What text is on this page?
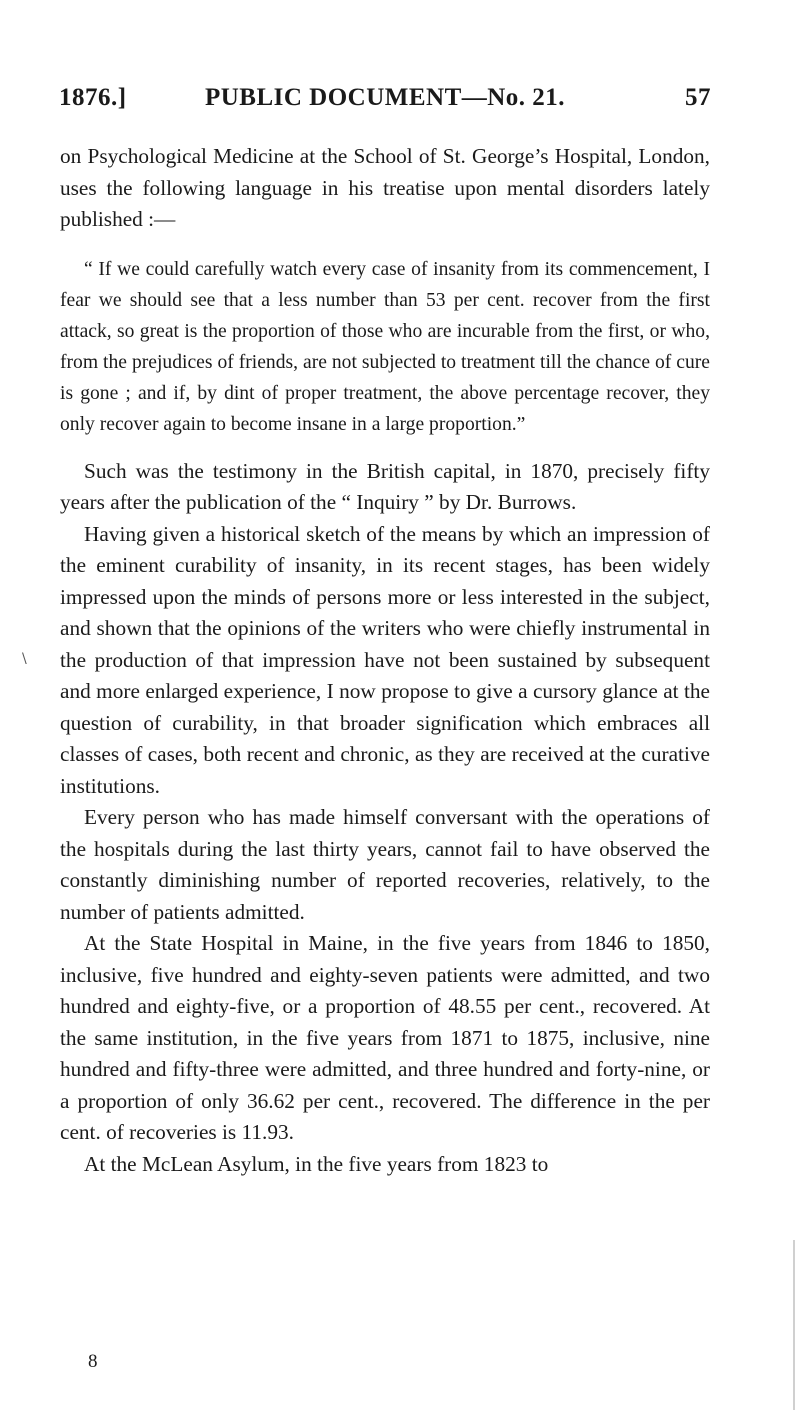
1876.]	PUBLIC DOCUMENT—No. 21.	57
\

on Psychological Medicine at the School of St. George’s Hospital, London, uses the following language in his treatise upon mental disorders lately published :—

“ If we could carefully watch every case of insanity from its commencement, I fear we should see that a less number than 53 per cent. recover from the first attack, so great is the proportion of those who are incurable from the first, or who, from the prejudices of friends, are not subjected to treatment till the chance of cure is gone ; and if, by dint of proper treatment, the above percentage recover, they only recover again to become insane in a large proportion.”

Such was the testimony in the British capital, in 1870, precisely fifty years after the publication of the “ Inquiry ” by Dr. Burrows.

Having given a historical sketch of the means by which an impression of the eminent curability of insanity, in its recent stages, has been widely impressed upon the minds of persons more or less interested in the subject, and shown that the opinions of the writers who were chiefly instrumental in the production of that impression have not been sustained by subsequent and more enlarged experience, I now propose to give a cursory glance at the question of curability, in that broader signification which embraces all classes of cases, both recent and chronic, as they are received at the curative institutions.

Every person who has made himself conversant with the operations of the hospitals during the last thirty years, cannot fail to have observed the constantly diminishing number of reported recoveries, relatively, to the number of patients admitted.

At the State Hospital in Maine, in the five years from 1846 to 1850, inclusive, five hundred and eighty-seven patients were admitted, and two hundred and eighty-five, or a proportion of 48.55 per cent., recovered. At the same institution, in the five years from 1871 to 1875, inclusive, nine hundred and fifty-three were admitted, and three hundred and forty-nine, or a proportion of only 36.62 per cent., recovered. The difference in the per cent. of recoveries is 11.93.

At the McLean Asylum, in the five years from 1823 to

8
